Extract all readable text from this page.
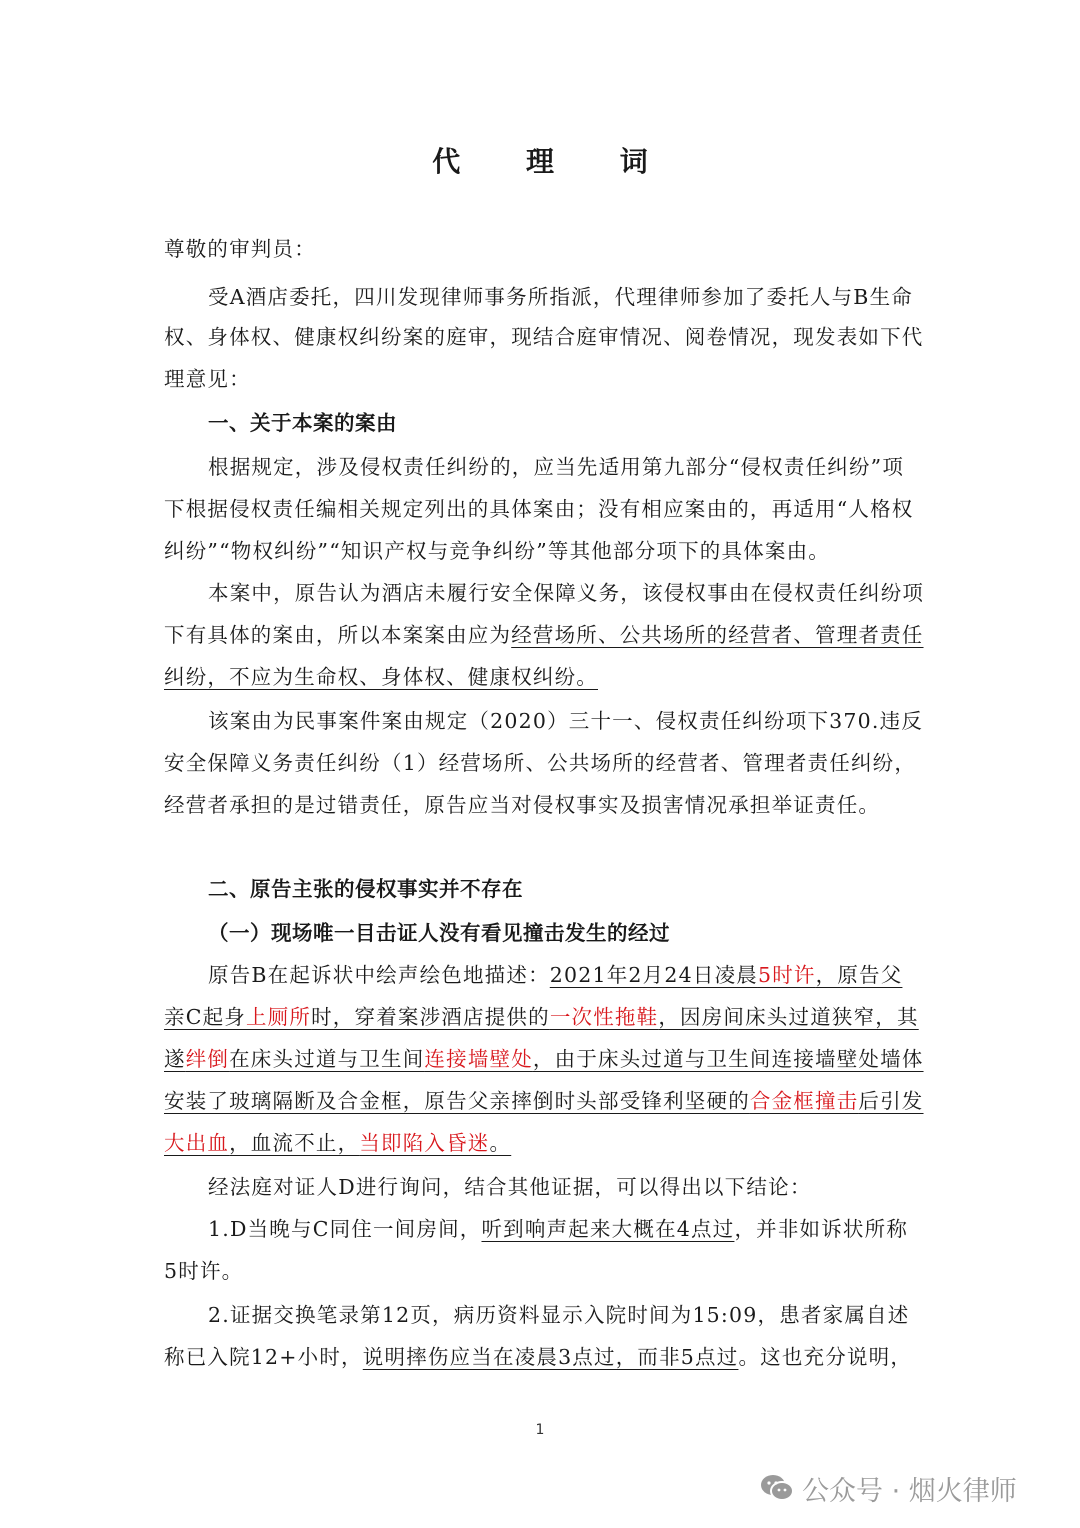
代 理 词
尊敬的审判员：
受A酒店委托，四川发现律师事务所指派，代理律师参加了委托人与B生命
权、身体权、健康权纠纷案的庭审，现结合庭审情况、阅卷情况，现发表如下代
理意见：
一、关于本案的案由
根据规定，涉及侵权责任纠纷的，应当先适用第九部分“侵权责任纠纷”项
下根据侵权责任编相关规定列出的具体案由；没有相应案由的，再适用“人格权
纠纷”“物权纠纷”“知识产权与竞争纠纷”等其他部分项下的具体案由。
本案中，原告认为酒店未履行安全保障义务，该侵权事由在侵权责任纠纷项
下有具体的案由，所以本案案由应为经营场所、公共场所的经营者、管理者责任
纠纷，不应为生命权、身体权、健康权纠纷。
该案由为民事案件案由规定（2020）三十一、侵权责任纠纷项下370.违反
安全保障义务责任纠纷（1）经营场所、公共场所的经营者、管理者责任纠纷，
经营者承担的是过错责任，原告应当对侵权事实及损害情况承担举证责任。
二、原告主张的侵权事实并不存在
（一）现场唯一目击证人没有看见撞击发生的经过
原告B在起诉状中绘声绘色地描述：2021年2月24日凌晨5时许，原告父
亲C起身上厕所时，穿着案涉酒店提供的一次性拖鞋，因房间床头过道狭窄，其
遂绊倒在床头过道与卫生间连接墙壁处，由于床头过道与卫生间连接墙壁处墙体
安装了玻璃隔断及合金框，原告父亲摔倒时头部受锋利坚硬的合金框撞击后引发
大出血，血流不止，当即陷入昏迷。
经法庭对证人D进行询问，结合其他证据，可以得出以下结论：
1.D当晚与C同住一间房间，听到响声起来大概在4点过，并非如诉状所称
5时许。
2.证据交换笔录第12页，病历资料显示入院时间为15:09，患者家属自述
称已入院12+小时，说明摔伤应当在凌晨3点过，而非5点过。这也充分说明，
1
公众号 · 烟火律师
